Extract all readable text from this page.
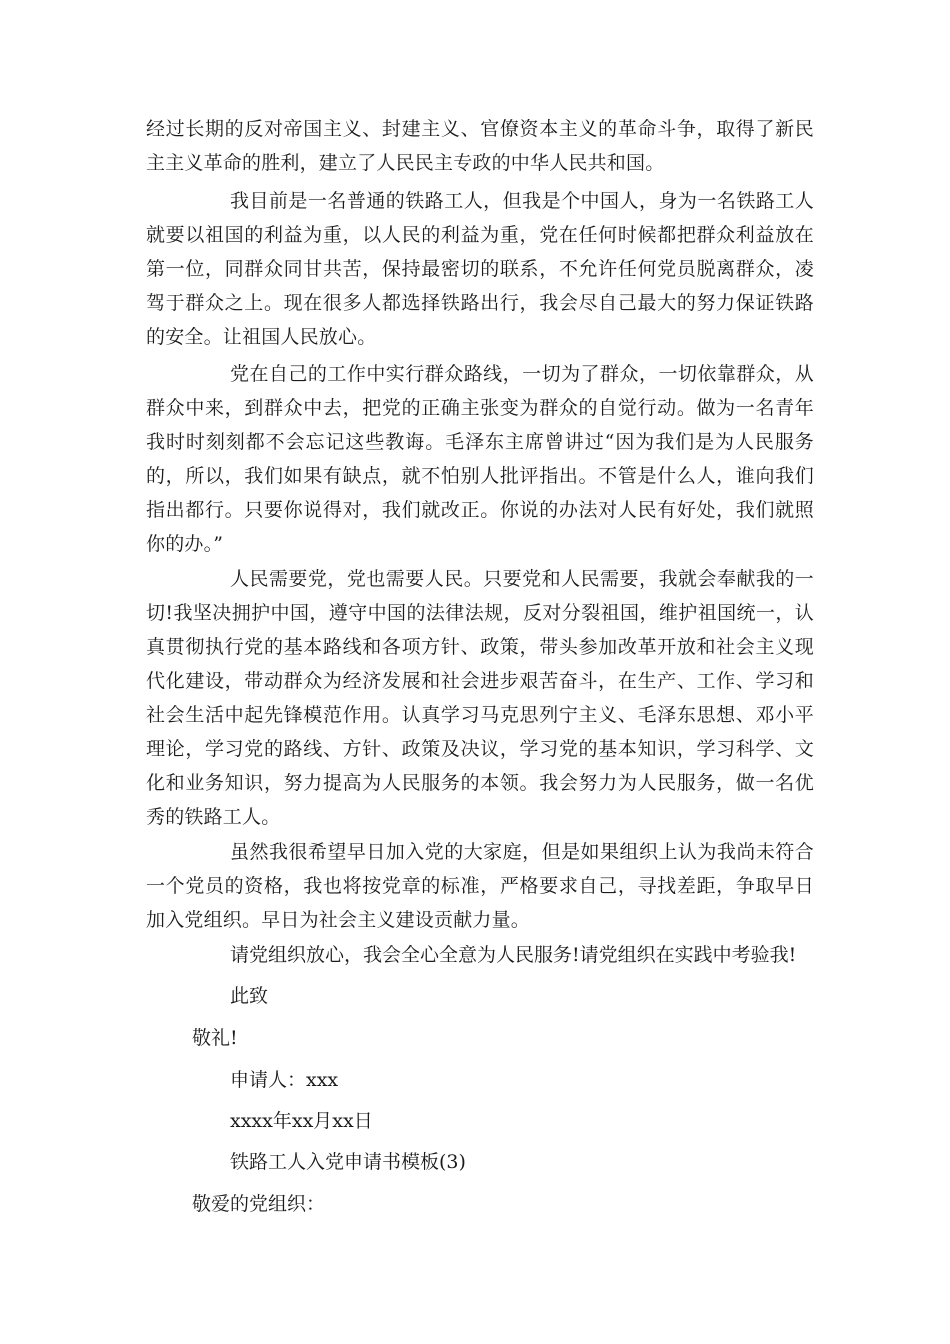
经过长期的反对帝国主义、封建主义、官僚资本主义的革命斗争，取得了新民主主义革命的胜利，建立了人民民主专政的中华人民共和国。

我目前是一名普通的铁路工人，但我是个中国人，身为一名铁路工人就要以祖国的利益为重，以人民的利益为重，党在任何时候都把群众利益放在第一位，同群众同甘共苦，保持最密切的联系，不允许任何党员脱离群众，凌驾于群众之上。现在很多人都选择铁路出行，我会尽自己最大的努力保证铁路的安全。让祖国人民放心。

党在自己的工作中实行群众路线，一切为了群众，一切依靠群众，从群众中来，到群众中去，把党的正确主张变为群众的自觉行动。做为一名青年我时时刻刻都不会忘记这些教诲。毛泽东主席曾讲过“因为我们是为人民服务的，所以，我们如果有缺点，就不怕别人批评指出。不管是什么人，谁向我们指出都行。只要你说得对，我们就改正。你说的办法对人民有好处，我们就照你的办。”

人民需要党，党也需要人民。只要党和人民需要，我就会奉献我的一切!我坚决拥护中国，遵守中国的法律法规，反对分裂祖国，维护祖国统一，认真贯彻执行党的基本路线和各项方针、政策，带头参加改革开放和社会主义现代化建设，带动群众为经济发展和社会进步艰苦奋斗，在生产、工作、学习和社会生活中起先锋模范作用。认真学习马克思列宁主义、毛泽东思想、邓小平理论，学习党的路线、方针、政策及决议，学习党的基本知识，学习科学、文化和业务知识，努力提高为人民服务的本领。我会努力为人民服务，做一名优秀的铁路工人。

虽然我很希望早日加入党的大家庭，但是如果组织上认为我尚未符合一个党员的资格，我也将按党章的标准，严格要求自己，寻找差距，争取早日加入党组织。早日为社会主义建设贡献力量。

请党组织放心，我会全心全意为人民服务!请党组织在实践中考验我!

此致

敬礼!

申请人：xxx

xxxx年xx月xx日

铁路工人入党申请书模板(3)

敬爱的党组织：
